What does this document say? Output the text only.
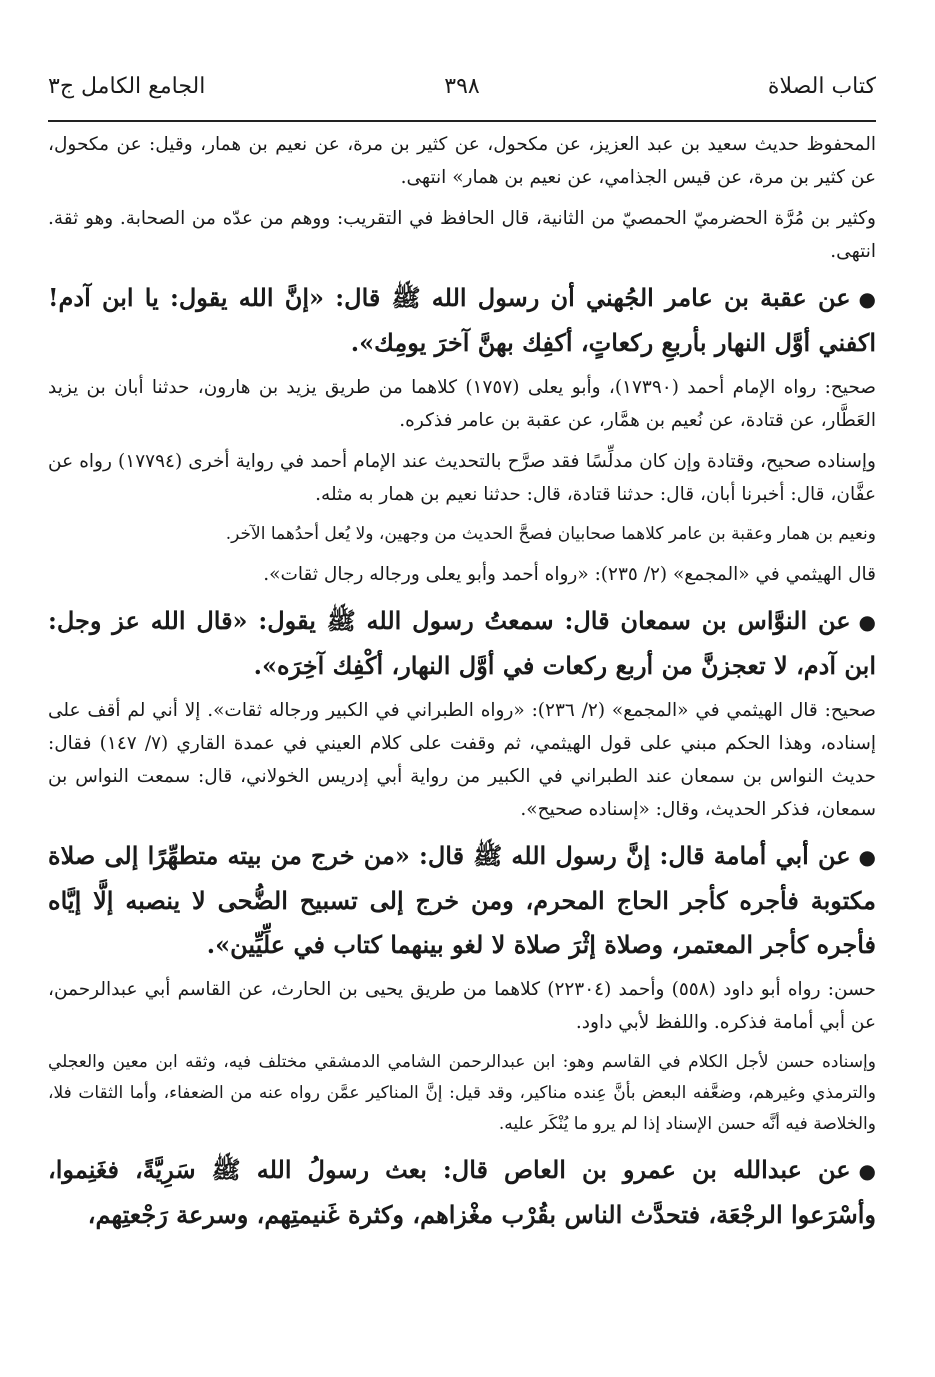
كتاب الصلاة
٣٩٨
الجامع الكامل ج٣

المحفوظ حديث سعيد بن عبد العزيز، عن مكحول، عن كثير بن مرة، عن نعيم بن همار، وقيل: عن مكحول، عن كثير بن مرة، عن قيس الجذامي، عن نعيم بن همار» انتهى.

وكثير بن مُرَّة الحضرميّ الحمصيّ من الثانية، قال الحافظ في التقريب: ووهم من عدّه من الصحابة. وهو ثقة. انتهى.

●عن عقبة بن عامر الجُهني أن رسول الله ﷺ قال: «إنَّ الله يقول: يا ابن آدم! اكفني أوَّل النهار بأربعِ ركعاتٍ، أكفِك بهنَّ آخرَ يومِك».

صحيح: رواه الإمام أحمد (١٧٣٩٠)، وأبو يعلى (١٧٥٧) كلاهما من طريق يزيد بن هارون، حدثنا أبان بن يزيد العَطَّار، عن قتادة، عن نُعيم بن همَّار، عن عقبة بن عامر فذكره.

وإسناده صحيح، وقتادة وإن كان مدلِّسًا فقد صرَّح بالتحديث عند الإمام أحمد في رواية أخرى (١٧٧٩٤) رواه عن عفَّان، قال: أخبرنا أبان، قال: حدثنا قتادة، قال: حدثنا نعيم بن همار به مثله.

ونعيم بن همار وعقبة بن عامر كلاهما صحابيان فصحَّ الحديث من وجهين، ولا يُعل أحدُهما الآخر.

قال الهيثمي في «المجمع» (٢/ ٢٣٥): «رواه أحمد وأبو يعلى ورجاله رجال ثقات».

●عن النوَّاس بن سمعان قال: سمعتُ رسول الله ﷺ يقول: «قال الله عز وجل: ابن آدم، لا تعجزنَّ من أربع ركعات في أوَّل النهار، أكْفِك آخِرَه».

صحيح: قال الهيثمي في «المجمع» (٢/ ٢٣٦): «رواه الطبراني في الكبير ورجاله ثقات». إلا أني لم أقف على إسناده، وهذا الحكم مبني على قول الهيثمي، ثم وقفت على كلام العيني في عمدة القاري (٧/ ١٤٧) فقال: حديث النواس بن سمعان عند الطبراني في الكبير من رواية أبي إدريس الخولاني، قال: سمعت النواس بن سمعان، فذكر الحديث، وقال: «إسناده صحيح».

●عن أبي أمامة قال: إنَّ رسول الله ﷺ قال: «من خرج من بيته متطهِّرًا إلى صلاة مكتوبة فأجره كأجر الحاج المحرم، ومن خرج إلى تسبيح الضُّحى لا ينصبه إلَّا إيَّاه فأجره كأجر المعتمر، وصلاة إثْرَ صلاة لا لغو بينهما كتاب في علِّيِّين».

حسن: رواه أبو داود (٥٥٨) وأحمد (٢٢٣٠٤) كلاهما من طريق يحيى بن الحارث، عن القاسم أبي عبدالرحمن، عن أبي أمامة فذكره. واللفظ لأبي داود.

وإسناده حسن لأجل الكلام في القاسم وهو: ابن عبدالرحمن الشامي الدمشقي مختلف فيه، وثقه ابن معين والعجلي والترمذي وغيرهم، وضعَّفه البعض بأنَّ عِنده مناكير، وقد قيل: إنَّ المناكير عمَّن رواه عنه من الضعفاء، وأما الثقات فلا، والخلاصة فيه أنَّه حسن الإسناد إذا لم يرو ما يُنْكَر عليه.

●عن عبدالله بن عمرو بن العاص قال: بعث رسولُ الله ﷺ سَرِيَّةً، فغَنِموا، وأسْرَعوا الرجْعَة، فتحدَّث الناس بقُرْب مغْزاهم، وكثرة غَنيمتِهم، وسرعة رَجْعتِهم،
